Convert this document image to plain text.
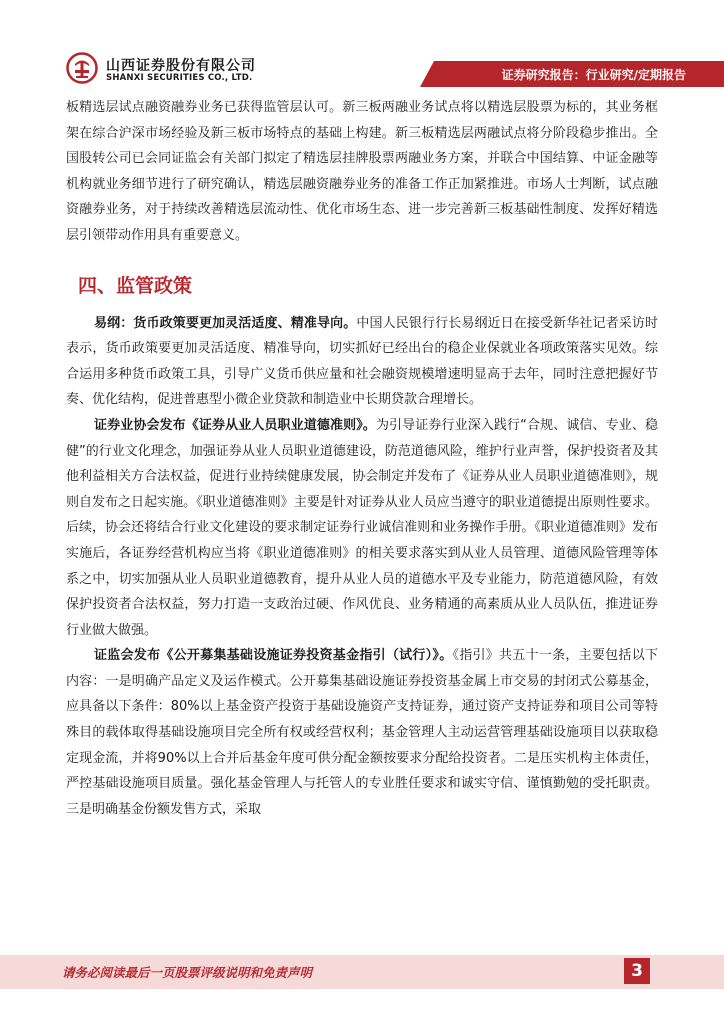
山西证券股份有限公司
SHANXI SECURITIES CO., LTD.	证券研究报告：行业研究/定期报告

板精选层试点融资融券业务已获得监管层认可。新三板两融业务试点将以精选层股票为标的，其业务框架在综合沪深市场经验及新三板市场特点的基础上构建。新三板精选层两融试点将分阶段稳步推出。全国股转公司已会同证监会有关部门拟定了精选层挂牌股票两融业务方案，并联合中国结算、中证金融等机构就业务细节进行了研究确认，精选层融资融券业务的准备工作正加紧推进。市场人士判断，试点融资融券业务，对于持续改善精选层流动性、优化市场生态、进一步完善新三板基础性制度、发挥好精选层引领带动作用具有重要意义。

四、监管政策

易纲：货币政策要更加灵活适度、精准导向。中国人民银行行长易纲近日在接受新华社记者采访时表示，货币政策要更加灵活适度、精准导向，切实抓好已经出台的稳企业保就业各项政策落实见效。综合运用多种货币政策工具，引导广义货币供应量和社会融资规模增速明显高于去年，同时注意把握好节奏、优化结构，促进普惠型小微企业贷款和制造业中长期贷款合理增长。

证券业协会发布《证券从业人员职业道德准则》。为引导证券行业深入践行“合规、诚信、专业、稳健”的行业文化理念，加强证券从业人员职业道德建设，防范道德风险，维护行业声誉，保护投资者及其他利益相关方合法权益，促进行业持续健康发展，协会制定并发布了《证券从业人员职业道德准则》，规则自发布之日起实施。《职业道德准则》主要是针对证券从业人员应当遵守的职业道德提出原则性要求。后续，协会还将结合行业文化建设的要求制定证券行业诚信准则和业务操作手册。《职业道德准则》发布实施后，各证券经营机构应当将《职业道德准则》的相关要求落实到从业人员管理、道德风险管理等体系之中，切实加强从业人员职业道德教育，提升从业人员的道德水平及专业能力，防范道德风险，有效保护投资者合法权益，努力打造一支政治过硬、作风优良、业务精通的高素质从业人员队伍，推进证券行业做大做强。

证监会发布《公开募集基础设施证券投资基金指引（试行）》。《指引》共五十一条，主要包括以下内容：一是明确产品定义及运作模式。公开募集基础设施证券投资基金属上市交易的封闭式公募基金，应具备以下条件：80%以上基金资产投资于基础设施资产支持证券，通过资产支持证券和项目公司等特殊目的载体取得基础设施项目完全所有权或经营权利；基金管理人主动运营管理基础设施项目以获取稳定现金流，并将90%以上合并后基金年度可供分配金额按要求分配给投资者。二是压实机构主体责任，严控基础设施项目质量。强化基金管理人与托管人的专业胜任要求和诚实守信、谨慎勤勉的受托职责。三是明确基金份额发售方式，采取

请务必阅读最后一页股票评级说明和免责声明	3
